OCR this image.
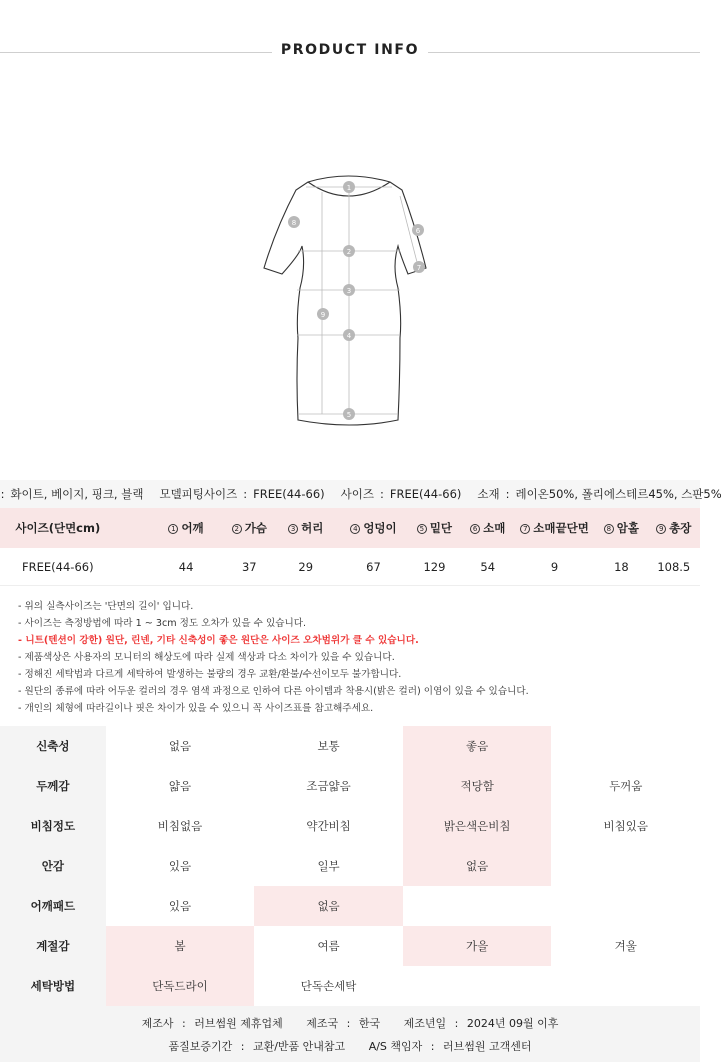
PRODUCT INFO
1
2
3
4
5
6
7
8
9
: 화이트, 베이지, 핑크, 블랙	모델피팅사이즈 : FREE(44-66)	사이즈 : FREE(44-66)	소재 : 레이온50%, 폴리에스테르45%, 스판5%
사이즈(단면cm)	1 어깨	2 가슴	3 허리	4 엉덩이	5 밑단	6 소매	7 소매끝단면	8 암홀	9 총장
FREE(44-66)	44	37	29	67	129	54	9	18	108.5
- 위의 실측사이즈는 '단면의 길이' 입니다.
- 사이즈는 측정방법에 따라 1 ~ 3cm 정도 오차가 있을 수 있습니다.
- 니트(텐션이 강한) 원단, 린넨, 기타 신축성이 좋은 원단은 사이즈 오차범위가 클 수 있습니다.
- 제품색상은 사용자의 모니터의 해상도에 따라 실제 색상과 다소 차이가 있을 수 있습니다.
- 정해진 세탁법과 다르게 세탁하여 발생하는 불량의 경우 교환/환불/수선이모두 불가합니다.
- 원단의 종류에 따라 어두운 컬러의 경우 염색 과정으로 인하여 다른 아이템과 착용시(밝은 컬러) 이염이 있을 수 있습니다.
- 개인의 체형에 따라길이나 핏은 차이가 있을 수 있으니 꼭 사이즈표를 참고해주세요.
신축성	없음	보통	좋음
두께감	얇음	조금얇음	적당함	두꺼움
비침정도	비침없음	약간비침	밝은색은비침	비침있음
안감	있음	일부	없음
어깨패드	있음	없음
계절감	봄	여름	가을	겨울
세탁방법	단독드라이	단독손세탁
제조사 : 러브썸원 제휴업체 제조국 : 한국 제조년일 : 2024년 09월 이후
품질보증기간 : 교환/반품 안내참고 A/S 책임자 : 러브썸원 고객센터
